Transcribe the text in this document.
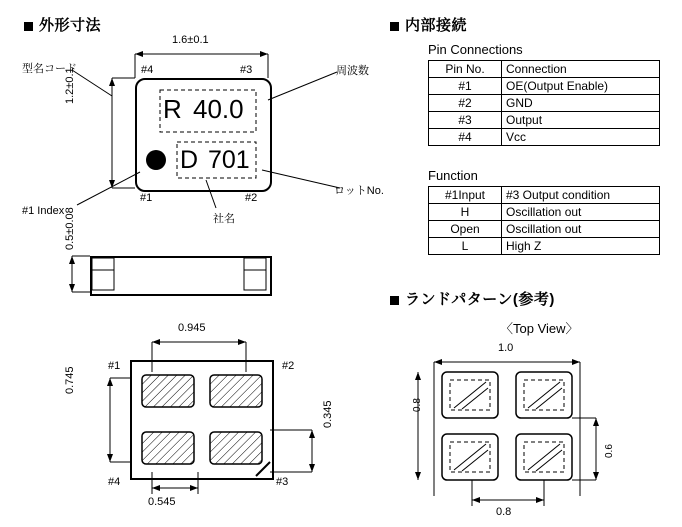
外形寸法
1.6±0.1
型名コード	周波数
ロットNo.
社名
#1 Index
1.2±0.1	#4	#3
#1	#2
R 40.0
D 701
0.5±0.08
0.945
#1	#2
#4	#3
0.745
0.345
0.545
内部接続
Pin Connections
Pin No.	Connection
#1	OE(Output Enable)
#2	GND
#3	Output
#4	Vcc
Function
#1Input	#3 Output condition
H	Oscillation out
Open	Oscillation out
L	High Z
ランドパターン(参考)
〈Top View〉
1.0
0.8
0.6
0.8
